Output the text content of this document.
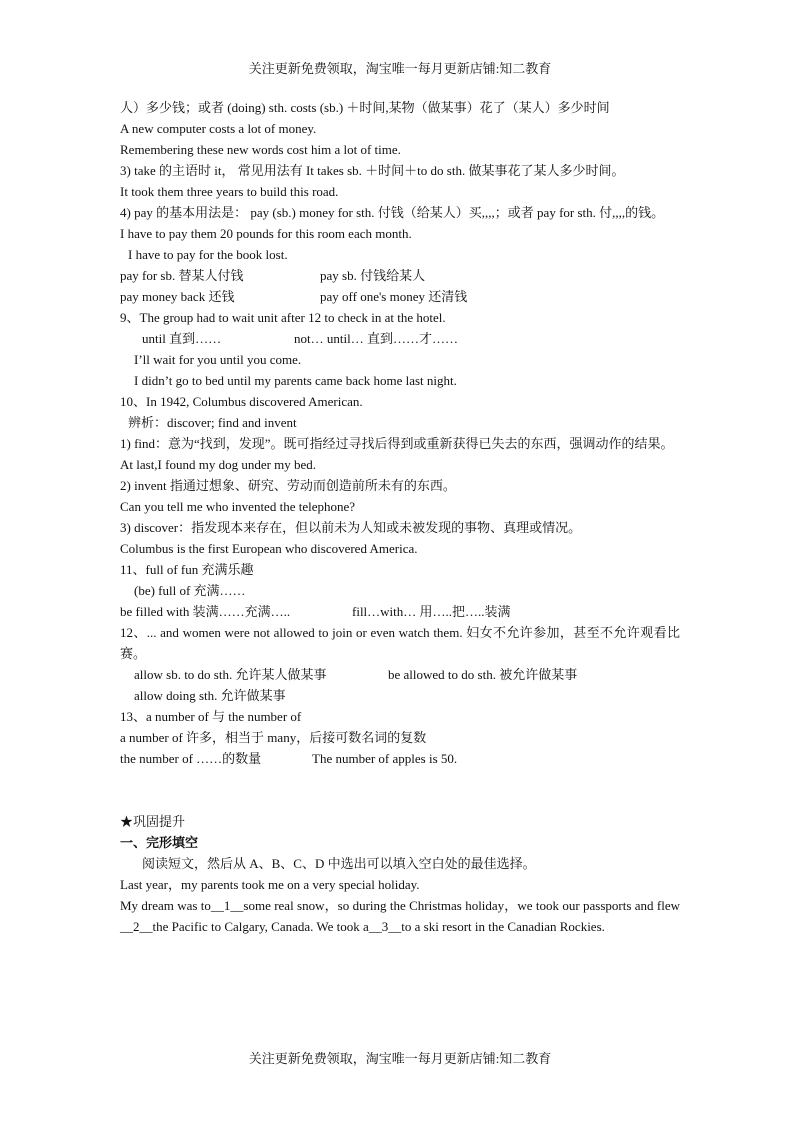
关注更新免费领取，淘宝唯一每月更新店铺:知二教育

人）多少钱；或者 (doing) sth. costs (sb.) ＋时间,某物（做某事）花了（某人）多少时间

A new computer costs a lot of money.

Remembering these new words cost him a lot of time.

3) take 的主语时 it， 常见用法有 It takes sb. ＋时间＋to do sth. 做某事花了某人多少时间。

It took them three years to build this road.

4) pay 的基本用法是： pay (sb.) money for sth. 付钱（给某人）买,,,,；或者 pay for sth. 付,,,,的钱。

I have to pay them 20 pounds for this room each month.

I have to pay for the book lost.

pay for sb. 替某人付钱	pay sb. 付钱给某人

pay money back 还钱	pay off one's money 还清钱

9、The group had to wait unit after 12 to check in at the hotel.

until 直到……	not… until… 直到……才……

I’ll wait for you until you come.

I didn’t go to bed until my parents came back home last night.

10、In 1942, Columbus discovered American.

辨析：discover; find and invent

1) find：意为“找到，发现”。既可指经过寻找后得到或重新获得已失去的东西，强调动作的结果。

At last,I found my dog under my bed.

2) invent 指通过想象、研究、劳动而创造前所未有的东西。

Can you tell me who invented the telephone?

3) discover：指发现本来存在，但以前未为人知或未被发现的事物、真理或情况。

Columbus is the first European who discovered America.

11、full of fun 充满乐趣

(be) full of 充满……

be filled with 装满……充满…..	fill…with… 用…..把…..装满

12、... and women were not allowed to join or even watch them. 妇女不允许参加，甚至不允许观看比赛。

allow sb. to do sth. 允许某人做某事	be allowed to do sth. 被允许做某事

allow doing sth. 允许做某事

13、a number of 与 the number of

a number of 许多，相当于 many，后接可数名词的复数

the number of ……的数量	The number of apples is 50.

★巩固提升

一、完形填空

阅读短文，然后从 A、B、C、D 中选出可以填入空白处的最佳选择。

Last year，my parents took me on a very special holiday.

My dream was to__1__some real snow，so during the Christmas holiday，we took our passports and flew __2__the Pacific to Calgary, Canada. We took a__3__to a ski resort in the Canadian Rockies.

关注更新免费领取，淘宝唯一每月更新店铺:知二教育
